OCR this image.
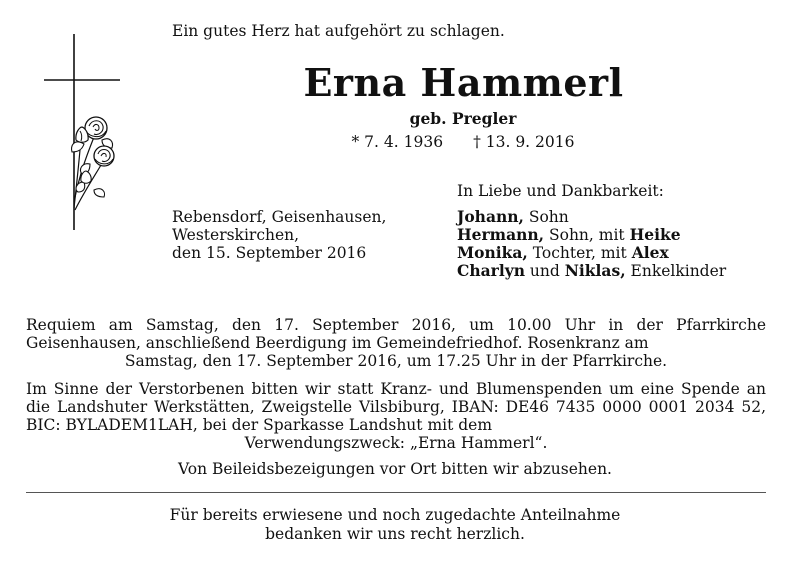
Ein gutes Herz hat aufgehört zu schlagen.
Erna Hammerl
geb. Pregler
* 7. 4. 1936 † 13. 9. 2016
In Liebe und Dankbarkeit:
Rebensdorf, Geisenhausen,
Westerskirchen,
den 15. September 2016
Johann, Sohn
Hermann, Sohn, mit Heike
Monika, Tochter, mit Alex
Charlyn und Niklas, Enkelkinder
Requiem am Samstag, den 17. September 2016, um 10.00 Uhr in der Pfarrkirche Geisenhausen, anschließend Beerdigung im Gemeindefriedhof. Rosenkranz am
Samstag, den 17. September 2016, um 17.25 Uhr in der Pfarrkirche.
Im Sinne der Verstorbenen bitten wir statt Kranz- und Blumenspenden um eine Spende an die Landshuter Werkstätten, Zweigstelle Vilsbiburg, IBAN: DE46 7435 0000 0001 2034 52, BIC: BYLADEM1LAH, bei der Sparkasse Landshut mit dem
Verwendungszweck: „Erna Hammerl“.
Von Beileidsbezeigungen vor Ort bitten wir abzusehen.
Für bereits erwiesene und noch zugedachte Anteilnahme
bedanken wir uns recht herzlich.
